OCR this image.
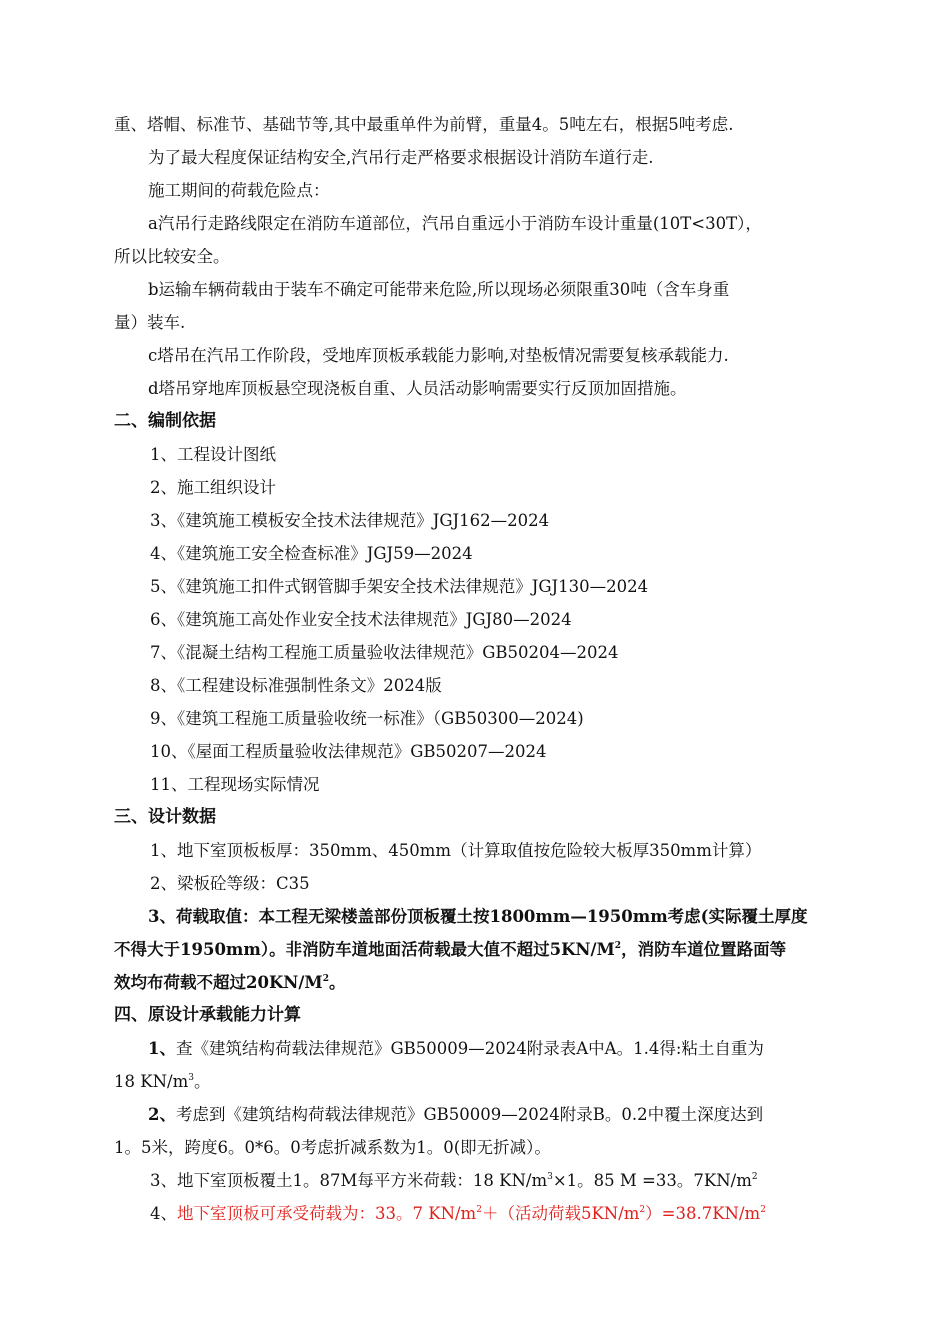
重、塔帽、标准节、基础节等,其中最重单件为前臂，重量4。5吨左右，根据5吨考虑.
为了最大程度保证结构安全,汽吊行走严格要求根据设计消防车道行走.
施工期间的荷载危险点：
a汽吊行走路线限定在消防车道部位，汽吊自重远小于消防车设计重量(10T<30T），
所以比较安全。
b运输车辆荷载由于装车不确定可能带来危险,所以现场必须限重30吨（含车身重
量）装车.
c塔吊在汽吊工作阶段，受地库顶板承载能力影响,对垫板情况需要复核承载能力.
d塔吊穿地库顶板悬空现浇板自重、人员活动影响需要实行反顶加固措施。
二、编制依据
1、工程设计图纸
2、施工组织设计
3、《建筑施工模板安全技术法律规范》JGJ162—2024
4、《建筑施工安全检查标准》JGJ59—2024
5、《建筑施工扣件式钢管脚手架安全技术法律规范》JGJ130—2024
6、《建筑施工高处作业安全技术法律规范》JGJ80—2024
7、《混凝土结构工程施工质量验收法律规范》GB50204—2024
8、《工程建设标准强制性条文》2024版
9、《建筑工程施工质量验收统一标准》（GB50300—2024)
10、《屋面工程质量验收法律规范》GB50207—2024
11、工程现场实际情况
三、设计数据
1、地下室顶板板厚：350mm、450mm（计算取值按危险较大板厚350mm计算）
2、梁板砼等级：C35
3、荷载取值：本工程无梁楼盖部份顶板覆土按1800mm—1950mm考虑(实际覆土厚度
不得大于1950mm）。非消防车道地面活荷载最大值不超过$5KN/M^2$，消防车道位置路面等
效均布荷载不超过$20KN/M^2$。
四、原设计承载能力计算
1、查《建筑结构荷载法律规范》GB50009—2024附录表A中A。1.4得:粘土自重为
18 $KN/m^3$。
2、考虑到《建筑结构荷载法律规范》GB50009—2024附录B。0.2中覆土深度达到
1。5米，跨度6。0*6。0考虑折减系数为1。0(即无折减）。
3、地下室顶板覆土1。87M每平方米荷载：18 $KN/m^3\times 1$。85 M =33。$7KN/m^2$
4、地下室顶板可承受荷载为：33。7 $KN/m^2+$（活动荷载$5KN/m^2)=38.7KN/m^2$
